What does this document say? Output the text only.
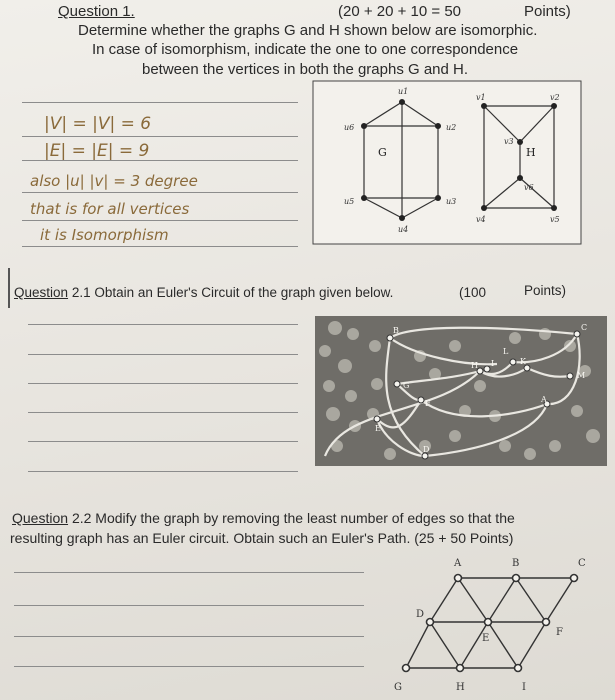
Question 1.	(20 + 20 + 10 = 50	Points)
Determine whether the graphs G and H shown below are isomorphic.
In case of isomorphism, indicate the one to one correspondence
between the vertices in both the graphs G and H.
|V| = |V| = 6
|E| = |E| = 9
also |u| |v| = 3 degree
that is for all vertices
it is Isomorphism
u1
u2
u3
u4
u5
u6
G
v1	v2
v3
v4	v5
v6
H
Question 2.1 Obtain an Euler's Circuit of the graph given below.	(100	Points)
B	C
L
H I	K
M
G
F	A
E
D
Question 2.2 Modify the graph by removing the least number of edges so that the
resulting graph has an Euler circuit. Obtain such an Euler's Path. (25 + 50 Points)
A	B	C
D
E
F
G	H	I
